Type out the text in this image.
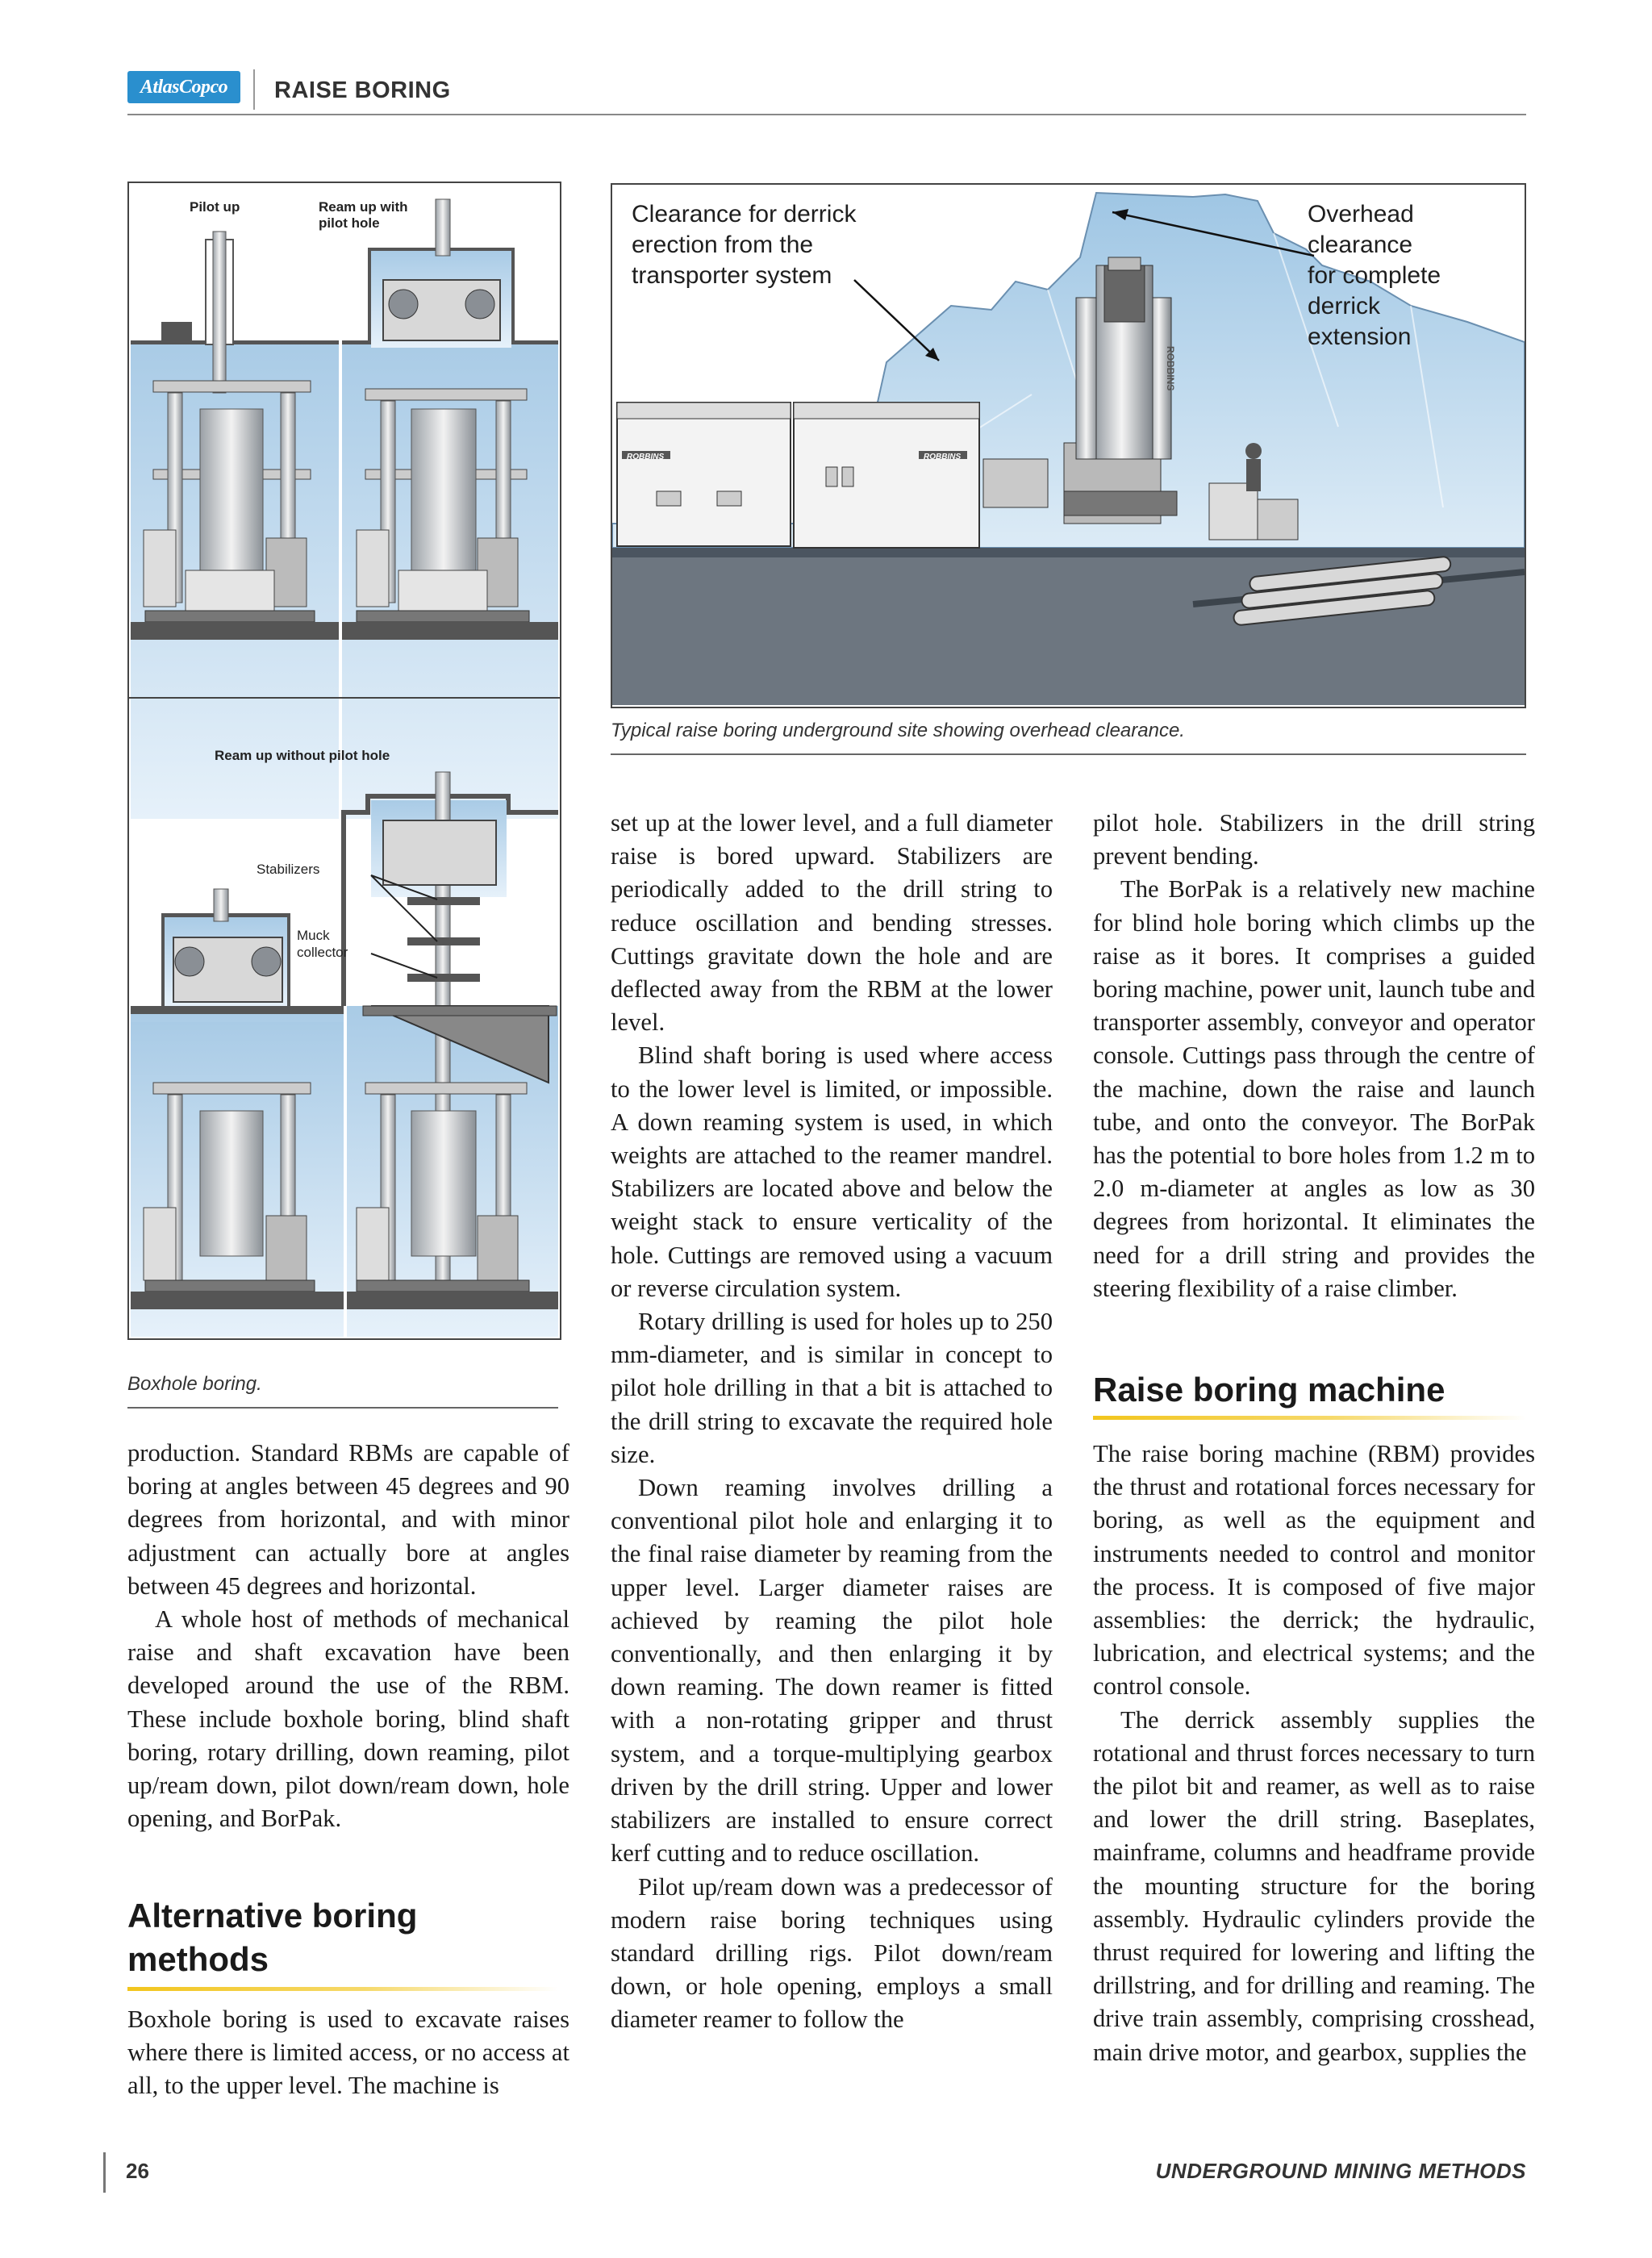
AtlasCopco RAISE BORING
Pilot up	Ream up with
pilot hole
Ream up without pilot hole
Stabilizers
Muck
collector
Boxhole boring.
ROBBINS	ROBBINS
ROBBINS
Clearance for derrick
erection from the
transporter system
Overhead
clearance
for complete
derrick
extension
Typical raise boring underground site showing overhead clearance.

production. Standard RBMs are capable of boring at angles between 45 degrees and 90 degrees from horizontal, and with minor adjustment can actually bore at angles between 45 degrees and horizontal.

A whole host of methods of mechanical raise and shaft excavation have been developed around the use of the RBM. These include boxhole boring, blind shaft boring, rotary drilling, down reaming, pilot up/ream down, pilot down/ream down, hole opening, and BorPak.

Alternative boring methods

Boxhole boring is used to excavate raises where there is limited access, or no access at all, to the upper level. The machine is

set up at the lower level, and a full diameter raise is bored upward. Stabilizers are periodically added to the drill string to reduce oscillation and bending stresses. Cuttings gravitate down the hole and are deflected away from the RBM at the lower level.

Blind shaft boring is used where access to the lower level is limited, or impossible. A down reaming system is used, in which weights are attached to the reamer mandrel. Stabilizers are located above and below the weight stack to ensure verticality of the hole. Cuttings are removed using a vacuum or reverse circulation system.

Rotary drilling is used for holes up to 250 mm-diameter, and is similar in concept to pilot hole drilling in that a bit is attached to the drill string to excavate the required hole size.

Down reaming involves drilling a conventional pilot hole and enlarging it to the final raise diameter by reaming from the upper level. Larger diameter raises are achieved by reaming the pilot hole conventionally, and then enlarging it by down reaming. The down reamer is fitted with a non-rotating gripper and thrust system, and a torque-multiplying gearbox driven by the drill string. Upper and lower stabilizers are installed to ensure correct kerf cutting and to reduce oscillation.

Pilot up/ream down was a predecessor of modern raise boring techniques using standard drilling rigs. Pilot down/ream down, or hole opening, employs a small diameter reamer to follow the

pilot hole. Stabilizers in the drill string prevent bending.

The BorPak is a relatively new machine for blind hole boring which climbs up the raise as it bores. It comprises a guided boring machine, power unit, launch tube and transporter assembly, conveyor and operator console. Cuttings pass through the centre of the machine, down the raise and launch tube, and onto the conveyor. The BorPak has the potential to bore holes from 1.2 m to 2.0 m-diameter at angles as low as 30 degrees from horizontal. It eliminates the need for a drill string and provides the steering flexibility of a raise climber.

Raise boring machine

The raise boring machine (RBM) provides the thrust and rotational forces necessary for boring, as well as the equipment and instruments needed to control and monitor the process. It is composed of five major assemblies: the derrick; the hydraulic, lubrication, and electrical systems; and the control console.

The derrick assembly supplies the rotational and thrust forces necessary to turn the pilot bit and reamer, as well as to raise and lower the drill string. Baseplates, mainframe, columns and headframe provide the mounting structure for the boring assembly. Hydraulic cylinders provide the thrust required for lowering and lifting the drillstring, and for drilling and reaming. The drive train assembly, comprising crosshead, main drive motor, and gearbox, supplies the

26	UNDERGROUND MINING METHODS
